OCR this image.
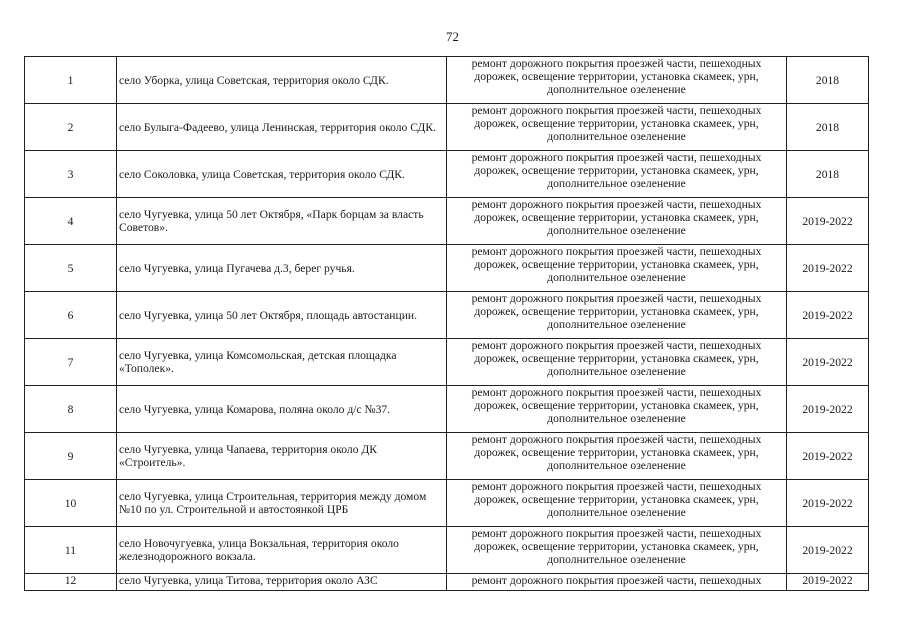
72
1	село Уборка, улица Советская, территория около СДК.	ремонт дорожного покрытия проезжей части, пешеходных дорожек, освещение территории, установка скамеек, урн, дополнительное озеленение	2018
2	село Булыга-Фадеево, улица Ленинская, территория около СДК.	ремонт дорожного покрытия проезжей части, пешеходных дорожек, освещение территории, установка скамеек, урн, дополнительное озеленение	2018
3	село Соколовка, улица Советская, территория около СДК.	ремонт дорожного покрытия проезжей части, пешеходных дорожек, освещение территории, установка скамеек, урн, дополнительное озеленение	2018
4	село Чугуевка, улица 50 лет Октября, «Парк борцам за власть Советов».	ремонт дорожного покрытия проезжей части, пешеходных дорожек, освещение территории, установка скамеек, урн, дополнительное озеленение	2019-2022
5	село Чугуевка, улица Пугачева д.3, берег ручья.	ремонт дорожного покрытия проезжей части, пешеходных дорожек, освещение территории, установка скамеек, урн, дополнительное озеленение	2019-2022
6	село Чугуевка, улица 50 лет Октября, площадь автостанции.	ремонт дорожного покрытия проезжей части, пешеходных дорожек, освещение территории, установка скамеек, урн, дополнительное озеленение	2019-2022
7	село Чугуевка, улица Комсомольская, детская площадка «Тополек».	ремонт дорожного покрытия проезжей части, пешеходных дорожек, освещение территории, установка скамеек, урн, дополнительное озеленение	2019-2022
8	село Чугуевка, улица Комарова, поляна около д/с №37.	ремонт дорожного покрытия проезжей части, пешеходных дорожек, освещение территории, установка скамеек, урн, дополнительное озеленение	2019-2022
9	село Чугуевка, улица Чапаева, территория около ДК «Строитель».	ремонт дорожного покрытия проезжей части, пешеходных дорожек, освещение территории, установка скамеек, урн, дополнительное озеленение	2019-2022
10	село Чугуевка, улица Строительная, территория между домом №10 по ул. Строительной и автостоянкой ЦРБ	ремонт дорожного покрытия проезжей части, пешеходных дорожек, освещение территории, установка скамеек, урн, дополнительное озеленение	2019-2022
11	село Новочугуевка, улица Вокзальная, территория около железнодорожного вокзала.	ремонт дорожного покрытия проезжей части, пешеходных дорожек, освещение территории, установка скамеек, урн, дополнительное озеленение	2019-2022
12	село Чугуевка, улица Титова, территория около АЗС	ремонт дорожного покрытия проезжей части, пешеходных	2019-2022
